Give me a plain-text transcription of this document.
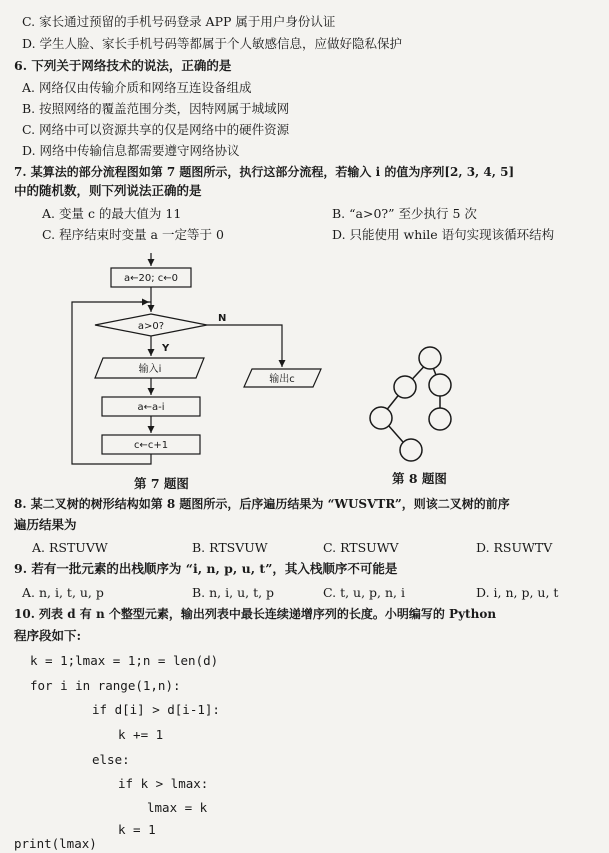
C. 家长通过预留的手机号码登录 APP 属于用户身份认证
D. 学生人脸、家长手机号码等都属于个人敏感信息，应做好隐私保护
6. 下列关于网络技术的说法，正确的是
A. 网络仅由传输介质和网络互连设备组成
B. 按照网络的覆盖范围分类，因特网属于城域网
C. 网络中可以资源共享的仅是网络中的硬件资源
D. 网络中传输信息都需要遵守网络协议
7. 某算法的部分流程图如第 7 题图所示，执行这部分流程，若输入 i 的值为序列[2, 3, 4, 5]
中的随机数，则下列说法正确的是
A. 变量 c 的最大值为 11	B. “a>0?” 至少执行 5 次
C. 程序结束时变量 a 一定等于 0	D. 只能使用 while 语句实现该循环结构
a←20; c←0
a>0?
Y
N
输入i
a←a-i
c←c+1
输出c
第 7 题图	第 8 题图
8. 某二叉树的树形结构如第 8 题图所示，后序遍历结果为 “WUSVTR”，则该二叉树的前序
遍历结果为
A. RSTUVW	B. RTSVUW	C. RTSUWV	D. RSUWTV
9. 若有一批元素的出栈顺序为 “i, n, p, u, t”，其入栈顺序不可能是
A. n, i, t, u, p	B. n, i, u, t, p	C. t, u, p, n, i	D. i, n, p, u, t
10. 列表 d 有 n 个整型元素，输出列表中最长连续递增序列的长度。小明编写的 Python
程序段如下:
k = 1;lmax = 1;n = len(d)
for i in range(1,n):
if d[i] > d[i-1]:
k += 1
else:
if k > lmax:
lmax = k
k = 1
print(lmax)
